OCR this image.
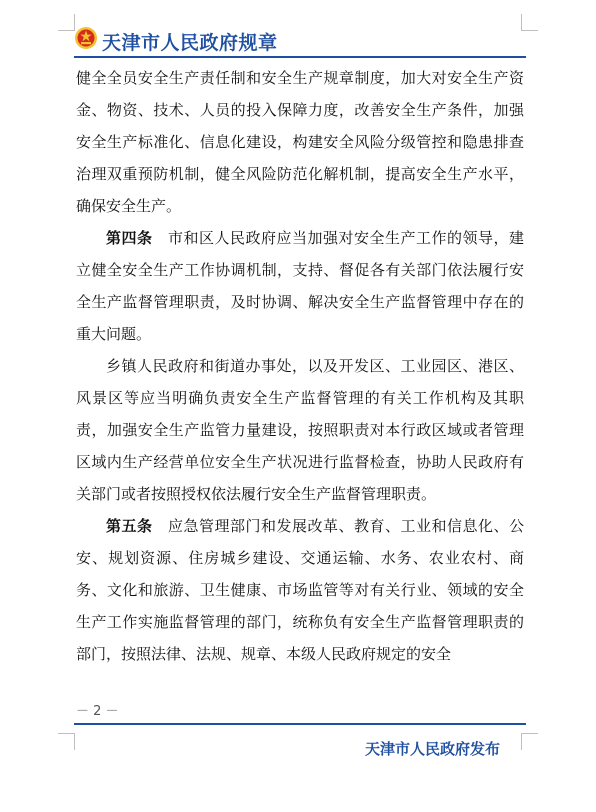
天津市人民政府规章

健全全员安全生产责任制和安全生产规章制度，加大对安全生产资金、物资、技术、人员的投入保障力度，改善安全生产条件，加强安全生产标准化、信息化建设，构建安全风险分级管控和隐患排查治理双重预防机制，健全风险防范化解机制，提高安全生产水平，确保安全生产。

第四条　市和区人民政府应当加强对安全生产工作的领导，建立健全安全生产工作协调机制，支持、督促各有关部门依法履行安全生产监督管理职责，及时协调、解决安全生产监督管理中存在的重大问题。

乡镇人民政府和街道办事处，以及开发区、工业园区、港区、风景区等应当明确负责安全生产监督管理的有关工作机构及其职责，加强安全生产监管力量建设，按照职责对本行政区域或者管理区域内生产经营单位安全生产状况进行监督检查，协助人民政府有关部门或者按照授权依法履行安全生产监督管理职责。

第五条　应急管理部门和发展改革、教育、工业和信息化、公安、规划资源、住房城乡建设、交通运输、水务、农业农村、商务、文化和旅游、卫生健康、市场监管等对有关行业、领域的安全生产工作实施监督管理的部门，统称负有安全生产监督管理职责的部门，按照法律、法规、规章、本级人民政府规定的安全

－ 2 －
天津市人民政府发布
